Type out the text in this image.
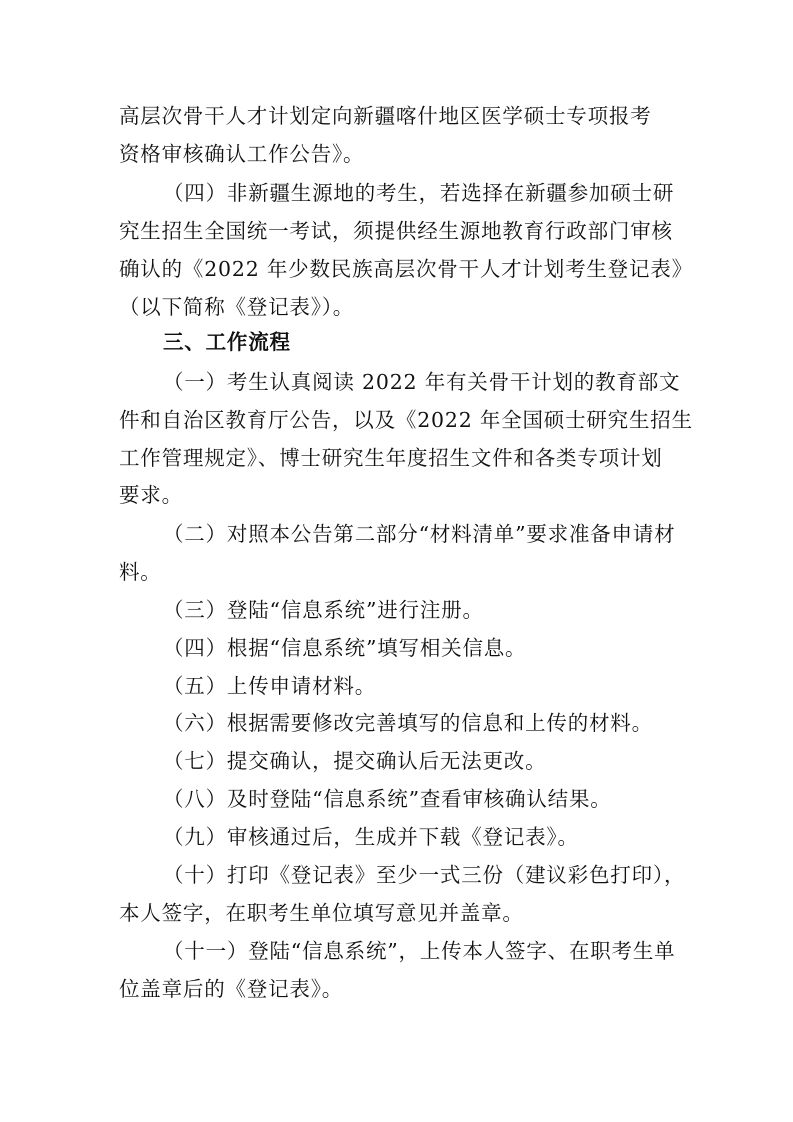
高层次骨干人才计划定向新疆喀什地区医学硕士专项报考
资格审核确认工作公告》。
（四）非新疆生源地的考生，若选择在新疆参加硕士研
究生招生全国统一考试，须提供经生源地教育行政部门审核
确认的《2022 年少数民族高层次骨干人才计划考生登记表》
（以下简称《登记表》）。
三、工作流程
（一）考生认真阅读 2022 年有关骨干计划的教育部文
件和自治区教育厅公告，以及《2022 年全国硕士研究生招生
工作管理规定》、博士研究生年度招生文件和各类专项计划
要求。
（二）对照本公告第二部分“材料清单”要求准备申请材
料。
（三）登陆“信息系统”进行注册。
（四）根据“信息系统”填写相关信息。
（五）上传申请材料。
（六）根据需要修改完善填写的信息和上传的材料。
（七）提交确认，提交确认后无法更改。
（八）及时登陆“信息系统”查看审核确认结果。
（九）审核通过后，生成并下载《登记表》。
（十）打印《登记表》至少一式三份（建议彩色打印），
本人签字，在职考生单位填写意见并盖章。
（十一）登陆“信息系统”，上传本人签字、在职考生单
位盖章后的《登记表》。
